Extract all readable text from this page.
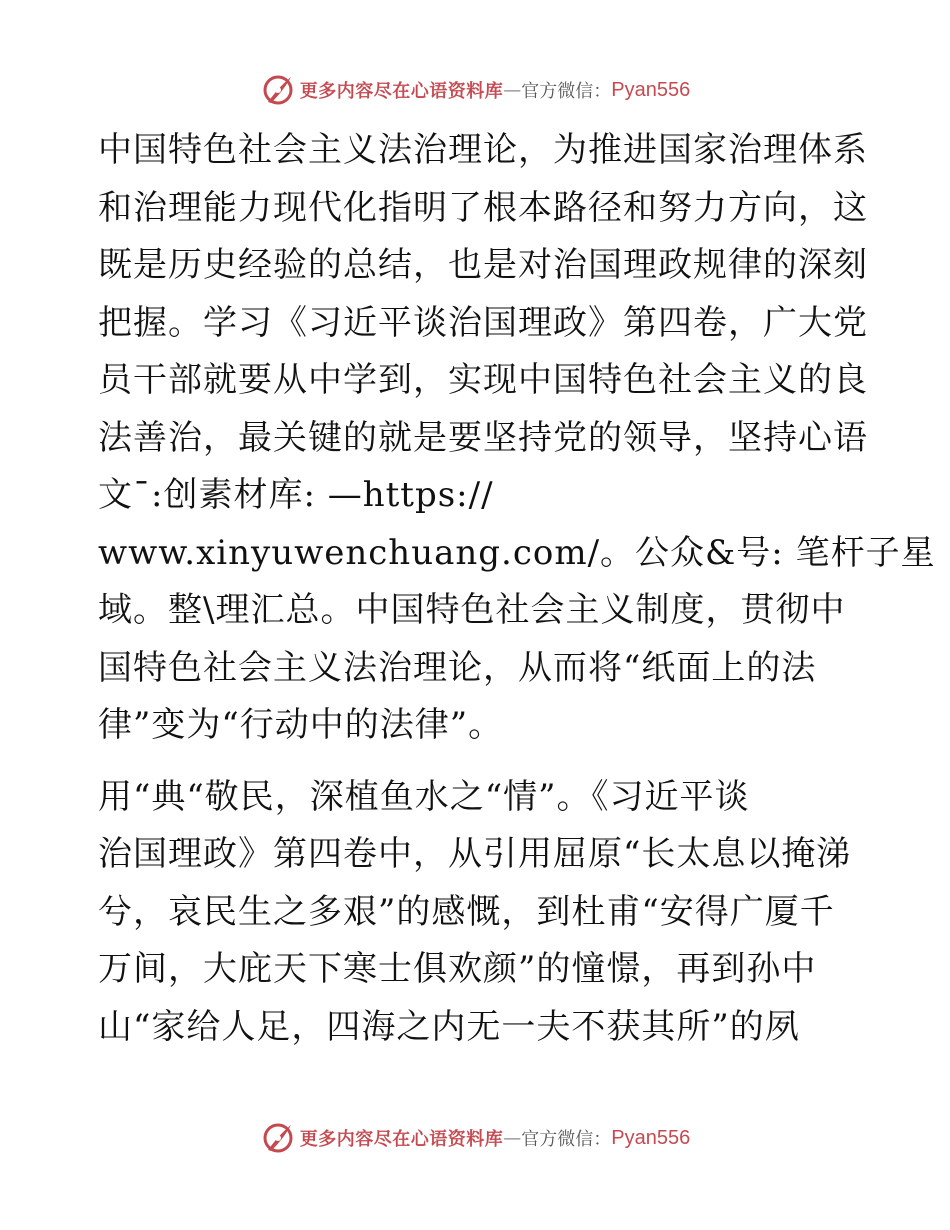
更多内容尽在心语资料库 — 官方微信： Pyan556
中国特色社会主义法治理论，为推进国家治理体系
和治理能力现代化指明了根本路径和努力方向，这
既是历史经验的总结，也是对治国理政规律的深刻
把握。学习《习近平谈治国理政》第四卷，广大党
员干部就要从中学到，实现中国特色社会主义的良
法善治，最关键的就是要坚持党的领导，坚持心语
文¯:创素材库: —https://
www.xinyuwenchuang.com/。公众&号: 笔杆子星
域。整\理汇总。中国特色社会主义制度，贯彻中
国特色社会主义法治理论，从而将“纸面上的法
律”变为“行动中的法律”。
用“典“敬民，深植鱼水之“情”。《习近平谈
治国理政》第四卷中，从引用屈原“长太息以掩涕
兮，哀民生之多艰”的感慨，到杜甫“安得广厦千
万间，大庇天下寒士俱欢颜”的憧憬，再到孙中
山“家给人足，四海之内无一夫不获其所”的夙
更多内容尽在心语资料库 — 官方微信： Pyan556
